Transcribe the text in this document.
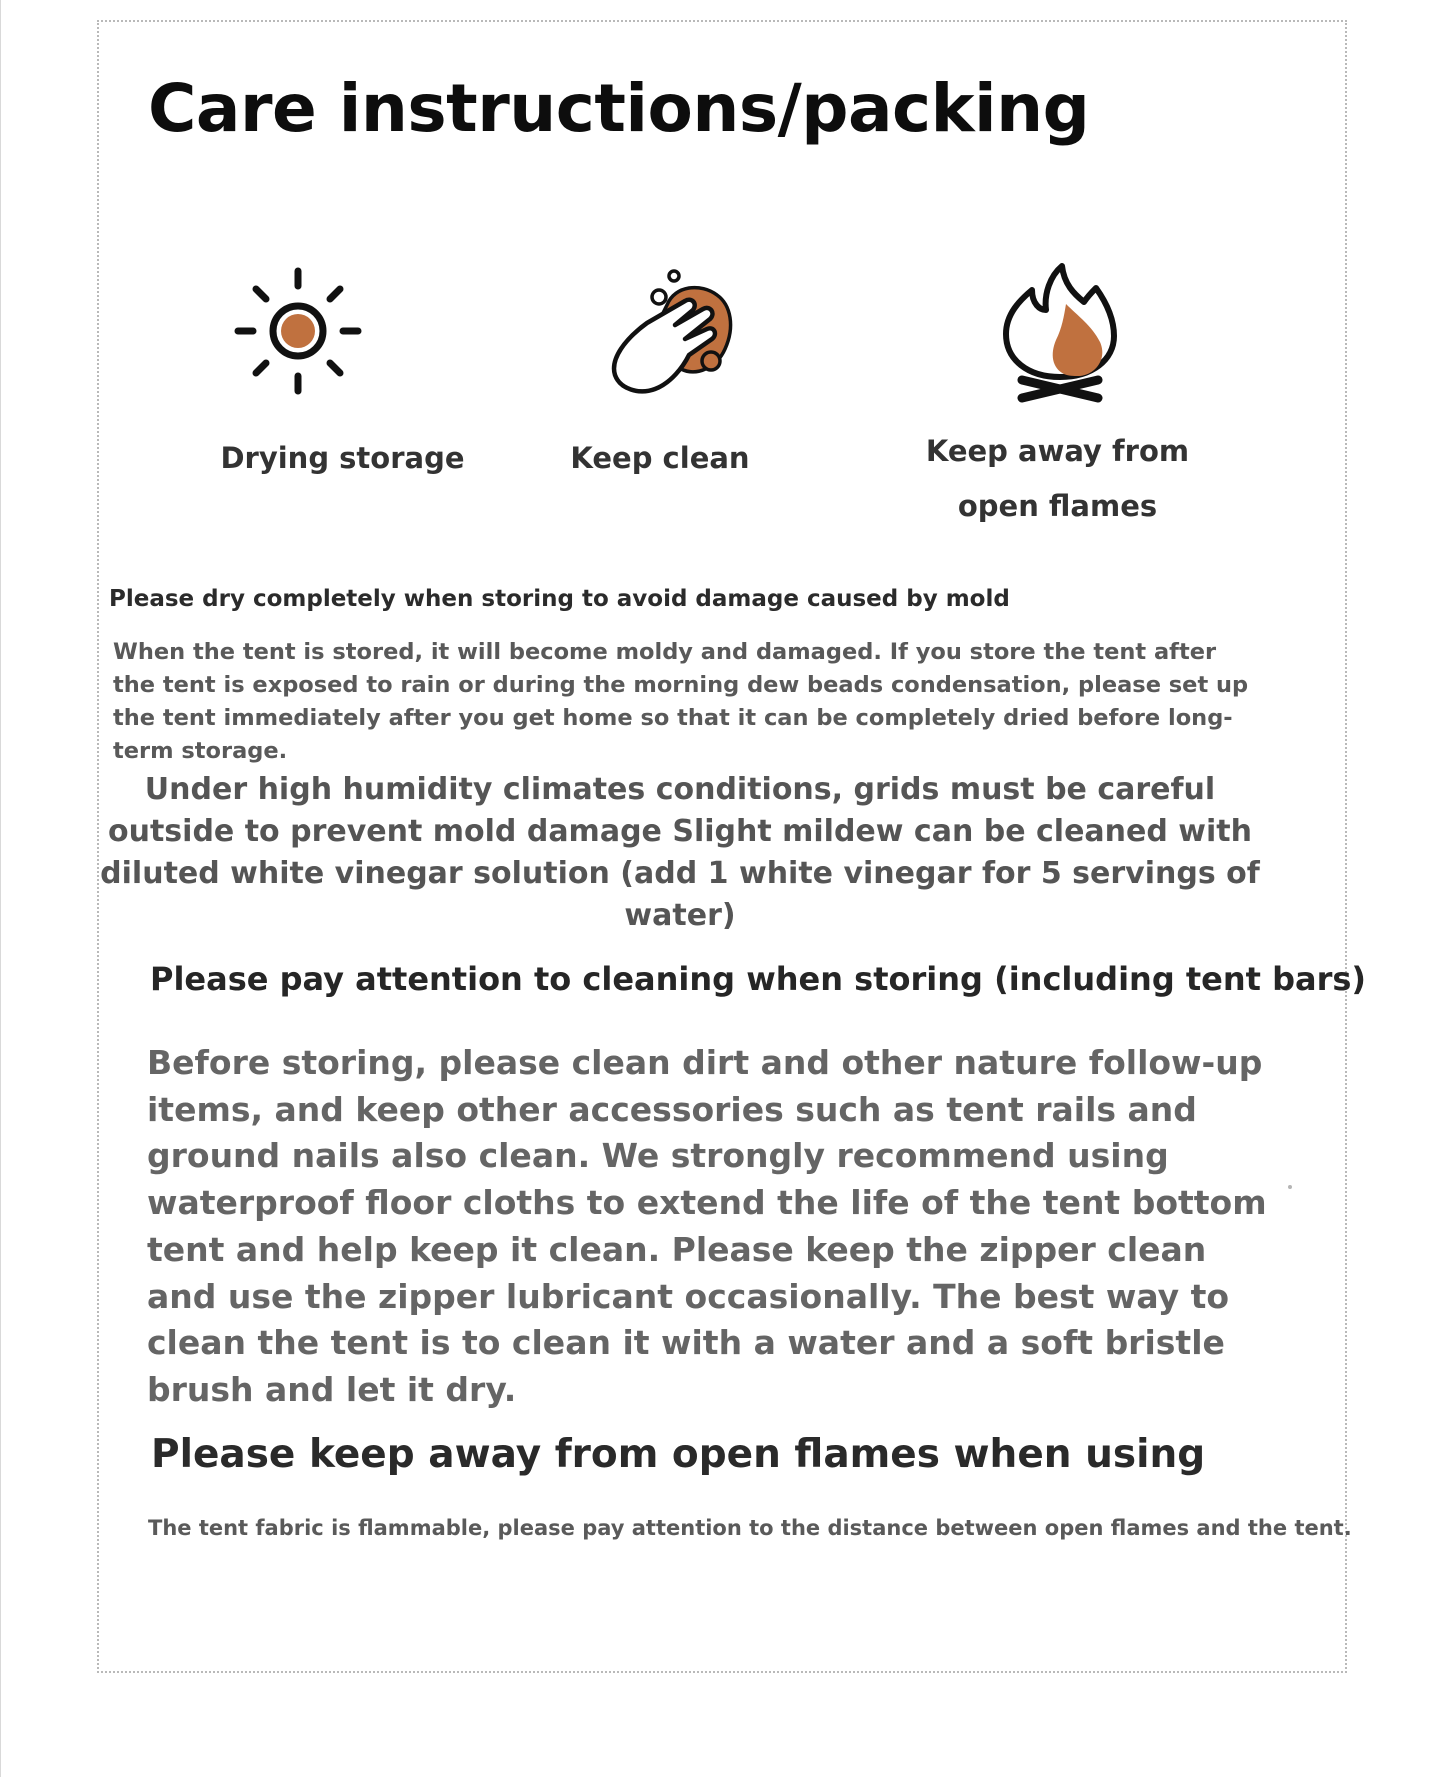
Care instructions/packing
Drying storage	Keep clean	Keep away from open flames

Please dry completely when storing to avoid damage caused by mold

When the tent is stored, it will become moldy and damaged. If you store the tent after the tent is exposed to rain or during the morning dew beads condensation, please set up the tent immediately after you get home so that it can be completely dried before long-term storage.

Under high humidity climates conditions, grids must be careful outside to prevent mold damage Slight mildew can be cleaned with diluted white vinegar solution (add 1 white vinegar for 5 servings of water)

Please pay attention to cleaning when storing (including tent bars)

Before storing, please clean dirt and other nature follow-up items, and keep other accessories such as tent rails and ground nails also clean. We strongly recommend using waterproof floor cloths to extend the life of the tent bottom tent and help keep it clean. Please keep the zipper clean and use the zipper lubricant occasionally. The best way to clean the tent is to clean it with a water and a soft bristle brush and let it dry.

Please keep away from open flames when using

The tent fabric is flammable, please pay attention to the distance between open flames and the tent.
